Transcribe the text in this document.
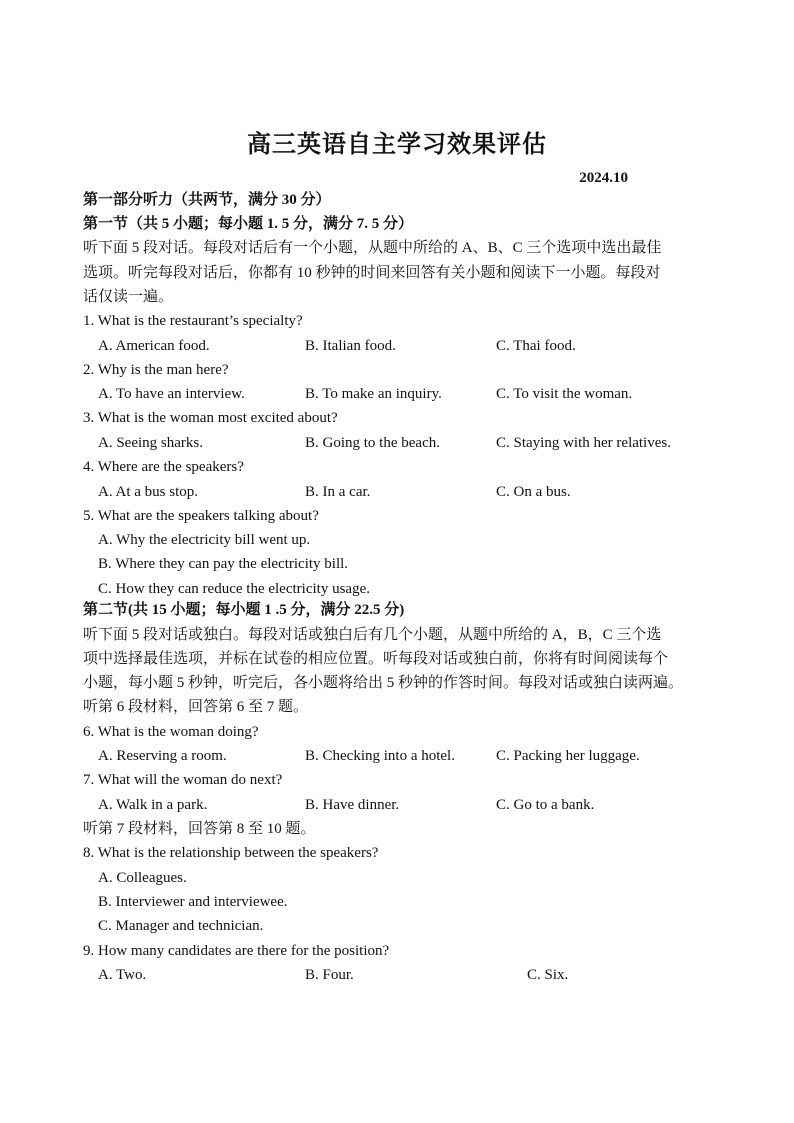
高三英语自主学习效果评估
2024.10
第一部分听力（共两节，满分 30 分）
第一节（共 5 小题；每小题 1. 5 分，满分 7. 5 分）
听下面 5 段对话。每段对话后有一个小题，从题中所给的 A、B、C 三个选项中选出最佳
选项。听完每段对话后，你都有 10 秒钟的时间来回答有关小题和阅读下一小题。每段对
话仅读一遍。
1. What is the restaurant’s specialty?
A. American food.	B. Italian food.	C. Thai food.
2. Why is the man here?
A. To have an interview.	B. To make an inquiry.	C. To visit the woman.
3. What is the woman most excited about?
A. Seeing sharks.	B. Going to the beach.	C. Staying with her relatives.
4. Where are the speakers?
A. At a bus stop.	B. In a car.	C. On a bus.
5. What are the speakers talking about?
A. Why the electricity bill went up.
B. Where they can pay the electricity bill.
C. How they can reduce the electricity usage.
第二节(共 15 小题；每小题 1 .5 分，满分 22.5 分)
听下面 5 段对话或独白。每段对话或独白后有几个小题，从题中所给的 A，B，C 三个选
项中选择最佳选项，并标在试卷的相应位置。听每段对话或独白前，你将有时间阅读每个
小题，每小题 5 秒钟，听完后，各小题将给出 5 秒钟的作答时间。每段对话或独白读两遍。
听第 6 段材料，回答第 6 至 7 题。
6. What is the woman doing?
A. Reserving a room.	B. Checking into a hotel.	C. Packing her luggage.
7. What will the woman do next?
A. Walk in a park.	B. Have dinner.	C. Go to a bank.
听第 7 段材料，回答第 8 至 10 题。
8. What is the relationship between the speakers?
A. Colleagues.
B. Interviewer and interviewee.
C. Manager and technician.
9. How many candidates are there for the position?
A. Two.	B. Four.	C. Six.
